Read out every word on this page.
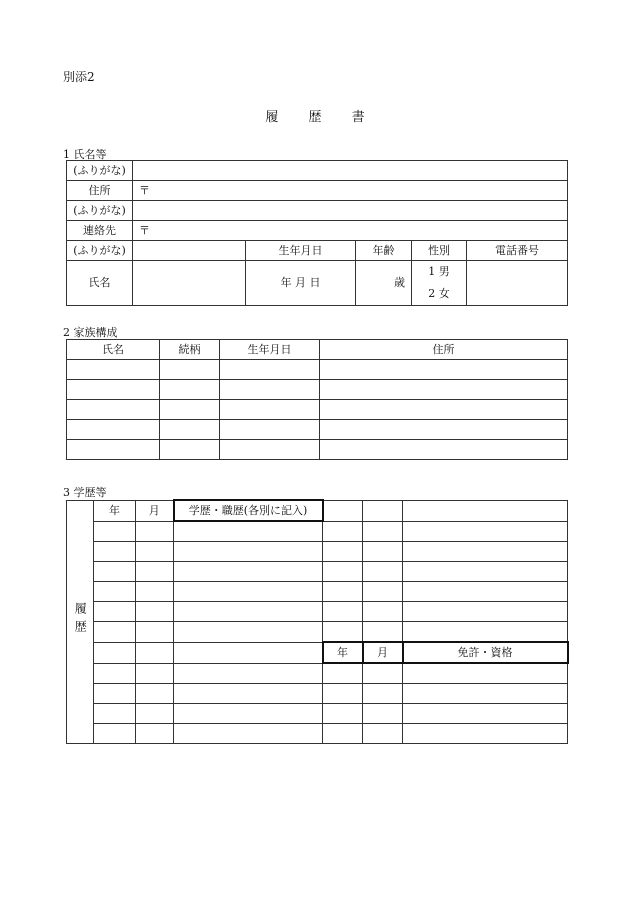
別添2
履 歴 書
1 氏名等
(ふりがな)					
住所	〒				
(ふりがな)					
連絡先	〒				
(ふりがな)		生年月日	年齢	性別	電話番号
氏名		年 月 日	歳	1 男
2 女	
2 家族構成
氏名	続柄	生年月日	住所

3 学歴等
履歴	年	月	学歴・職歴(各別に記入)			

				年	月	免許・資格
